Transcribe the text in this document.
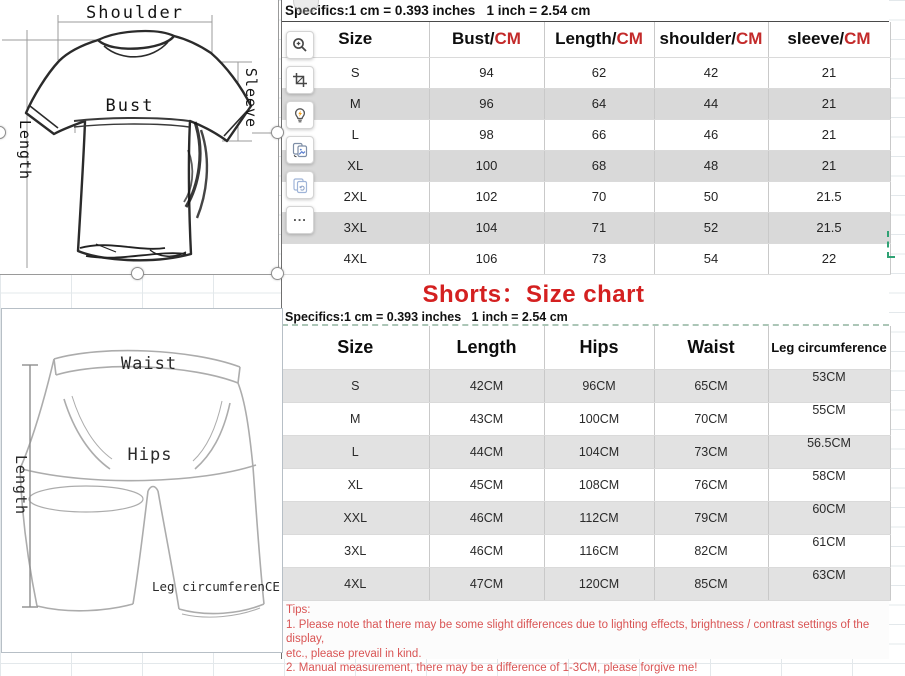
Shoulder
Bust	Sleeve
Length
Waist
Hips
Length
Leg circumferenCE
Specifics:1 cm = 0.393 inches   1 inch = 2.54 cm
Size	Bust/CM	Length/CM	shoulder/CM	sleeve/CM
S	94	62	42	21
M	96	64	44	21
L	98	66	46	21
XL	100	68	48	21
2XL	102	70	50	21.5
3XL	104	71	52	21.5
4XL	106	73	54	22
Shorts：Size chart
Specifics:1 cm = 0.393 inches   1 inch = 2.54 cm
Size	Length	Hips	Waist	Leg circumference
S	42CM	96CM	65CM	53CM
M	43CM	100CM	70CM	55CM
L	44CM	104CM	73CM	56.5CM
XL	45CM	108CM	76CM	58CM
XXL	46CM	112CM	79CM	60CM
3XL	46CM	116CM	82CM	61CM
4XL	47CM	120CM	85CM	63CM
Tips:
1. Please note that there may be some slight differences due to lighting effects, brightness / contrast settings of the display,
etc., please prevail in kind.
2. Manual measurement, there may be a difference of 1-3CM, please forgive me!
...
